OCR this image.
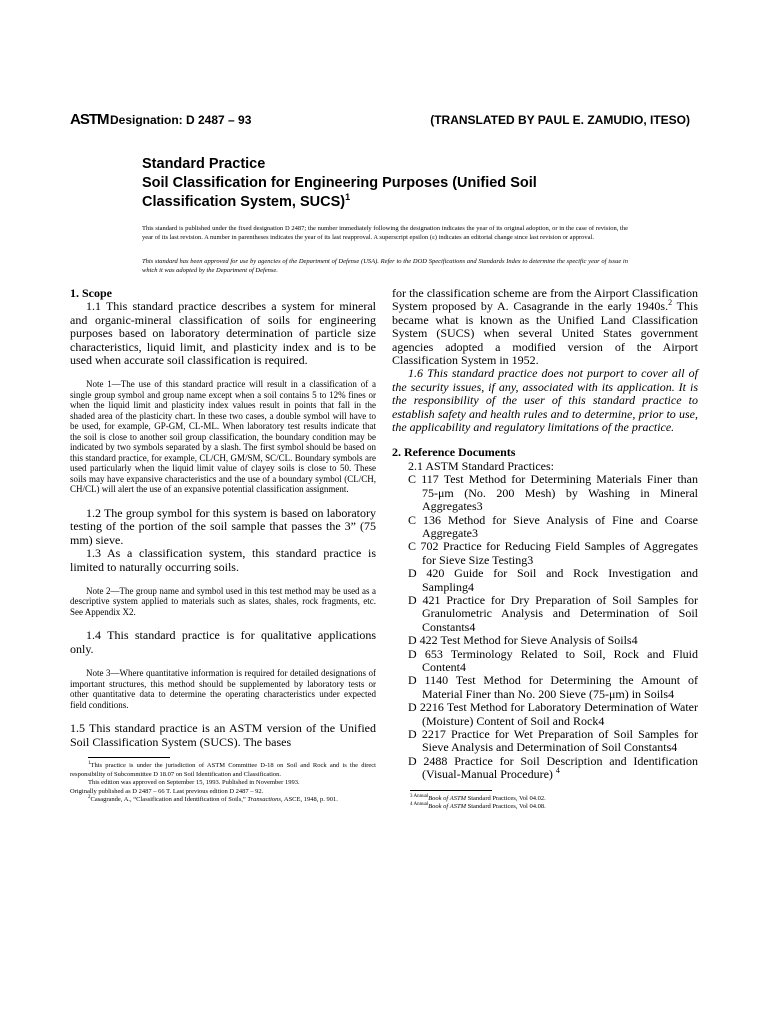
ASTM Designation: D 2487 – 93	(TRANSLATED BY PAUL E. ZAMUDIO, ITESO)
Standard Practice
Soil Classification for Engineering Purposes (Unified Soil
Classification System, SUCS)$^1$
This standard is published under the fixed designation D 2487; the number immediately following the designation indicates the year of its original adoption, or in the case of revision, the year of its last revision. A number in parentheses indicates the year of its last reapproval. A superscript epsilon (ε) indicates an editorial change since last revision or approval.
This standard has been approved for use by agencies of the Department of Defense (USA). Refer to the DOD Specifications and Standards Index to determine the specific year of issue in which it was adopted by the Department of Defense.
1. Scope
1.1 This standard practice describes a system for mineral and organic-mineral classification of soils for engineering purposes based on laboratory determination of particle size characteristics, liquid limit, and plasticity index and is to be used when accurate soil classification is required.
Note 1—The use of this standard practice will result in a classification of a single group symbol and group name except when a soil contains 5 to 12% fines or when the liquid limit and plasticity index values result in points that fall in the shaded area of the plasticity chart. In these two cases, a double symbol will have to be used, for example, GP-GM, CL-ML. When laboratory test results indicate that the soil is close to another soil group classification, the boundary condition may be indicated by two symbols separated by a slash. The first symbol should be based on this standard practice, for example, CL/CH, GM/SM, SC/CL. Boundary symbols are used particularly when the liquid limit value of clayey soils is close to 50. These soils may have expansive characteristics and the use of a boundary symbol (CL/CH, CH/CL) will alert the use of an expansive potential classification assignment.
1.2 The group symbol for this system is based on laboratory testing of the portion of the soil sample that passes the 3” (75 mm) sieve.
1.3 As a classification system, this standard practice is limited to naturally occurring soils.
Note 2—The group name and symbol used in this test method may be used as a descriptive system applied to materials such as slates, shales, rock fragments, etc. See Appendix X2.
1.4 This standard practice is for qualitative applications only.
Note 3—Where quantitative information is required for detailed designations of important structures, this method should be supplemented by laboratory tests or other quantitative data to determine the operating characteristics under expected field conditions.
1.5 This standard practice is an ASTM version of the Unified Soil Classification System (SUCS). The bases
$^1$This practice is under the jurisdiction of ASTM Committee D-18 on Soil and Rock and is the direct responsibility of Subcommittee D 18.07 on Soil Identification and Classification.
This edition was approved on September 15, 1993. Published in November 1993.
Originally published as D 2487 – 66 T. Last previous edition D 2487 – 92.
$^2$Casagrande, A., “Classification and Identification of Soils,” Transactions, ASCE, 1948, p. 901.
for the classification scheme are from the Airport Classification System proposed by A. Casagrande in the early 1940s.$^2$ This became what is known as the Unified Land Classification System (SUCS) when several United States government agencies adopted a modified version of the Airport Classification System in 1952.
1.6 This standard practice does not purport to cover all of the security issues, if any, associated with its application. It is the responsibility of the user of this standard practice to establish safety and health rules and to determine, prior to use, the applicability and regulatory limitations of the practice.
2. Reference Documents
2.1 ASTM Standard Practices:
C 117 Test Method for Determining Materials Finer than 75-μm (No. 200 Mesh) by Washing in Mineral Aggregates3
C 136 Method for Sieve Analysis of Fine and Coarse Aggregate3
C 702 Practice for Reducing Field Samples of Aggregates for Sieve Size Testing3
D 420 Guide for Soil and Rock Investigation and Sampling4
D 421 Practice for Dry Preparation of Soil Samples for Granulometric Analysis and Determination of Soil Constants4
D 422 Test Method for Sieve Analysis of Soils4
D 653 Terminology Related to Soil, Rock and Fluid Content4
D 1140 Test Method for Determining the Amount of Material Finer than No. 200 Sieve (75-μm) in Soils4
D 2216 Test Method for Laboratory Determination of Water (Moisture) Content of Soil and Rock4
D 2217 Practice for Wet Preparation of Soil Samples for Sieve Analysis and Determination of Soil Constants4
D 2488 Practice for Soil Description and Identification (Visual-Manual Procedure) $^4$
$^{3 Annual}$Book of ASTM Standard Practices, Vol 04.02.
$^{4 Annual}$Book of ASTM Standard Practices, Vol 04.08.
